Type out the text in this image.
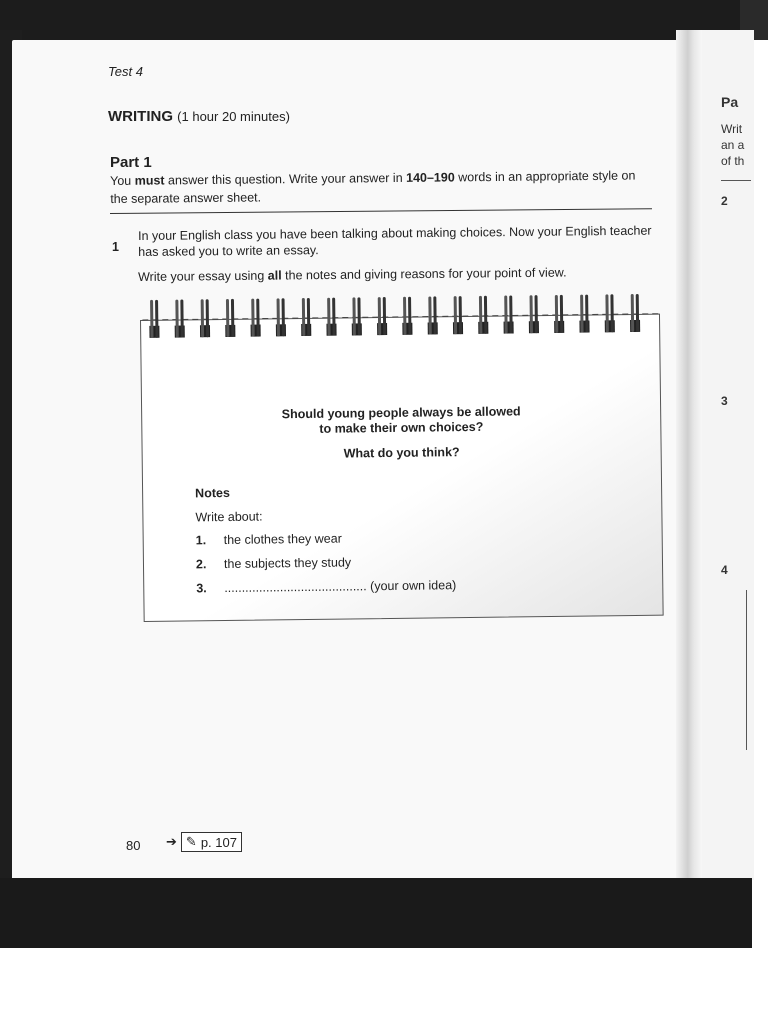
Test 4
WRITING (1 hour 20 minutes)
Part 1
You must answer this question. Write your answer in 140–190 words in an appropriate style on the separate answer sheet.
1
In your English class you have been talking about making choices. Now your English teacher has asked you to write an essay.
Write your essay using all the notes and giving reasons for your point of view.
Should young people always be allowed
to make their own choices?
What do you think?
Notes
Write about:
1. the clothes they wear
2. the subjects they study
3. ......................................... (your own idea)
80 ➔ ✎ p. 107
Pa
Writ
an a
of th
2
3
4
